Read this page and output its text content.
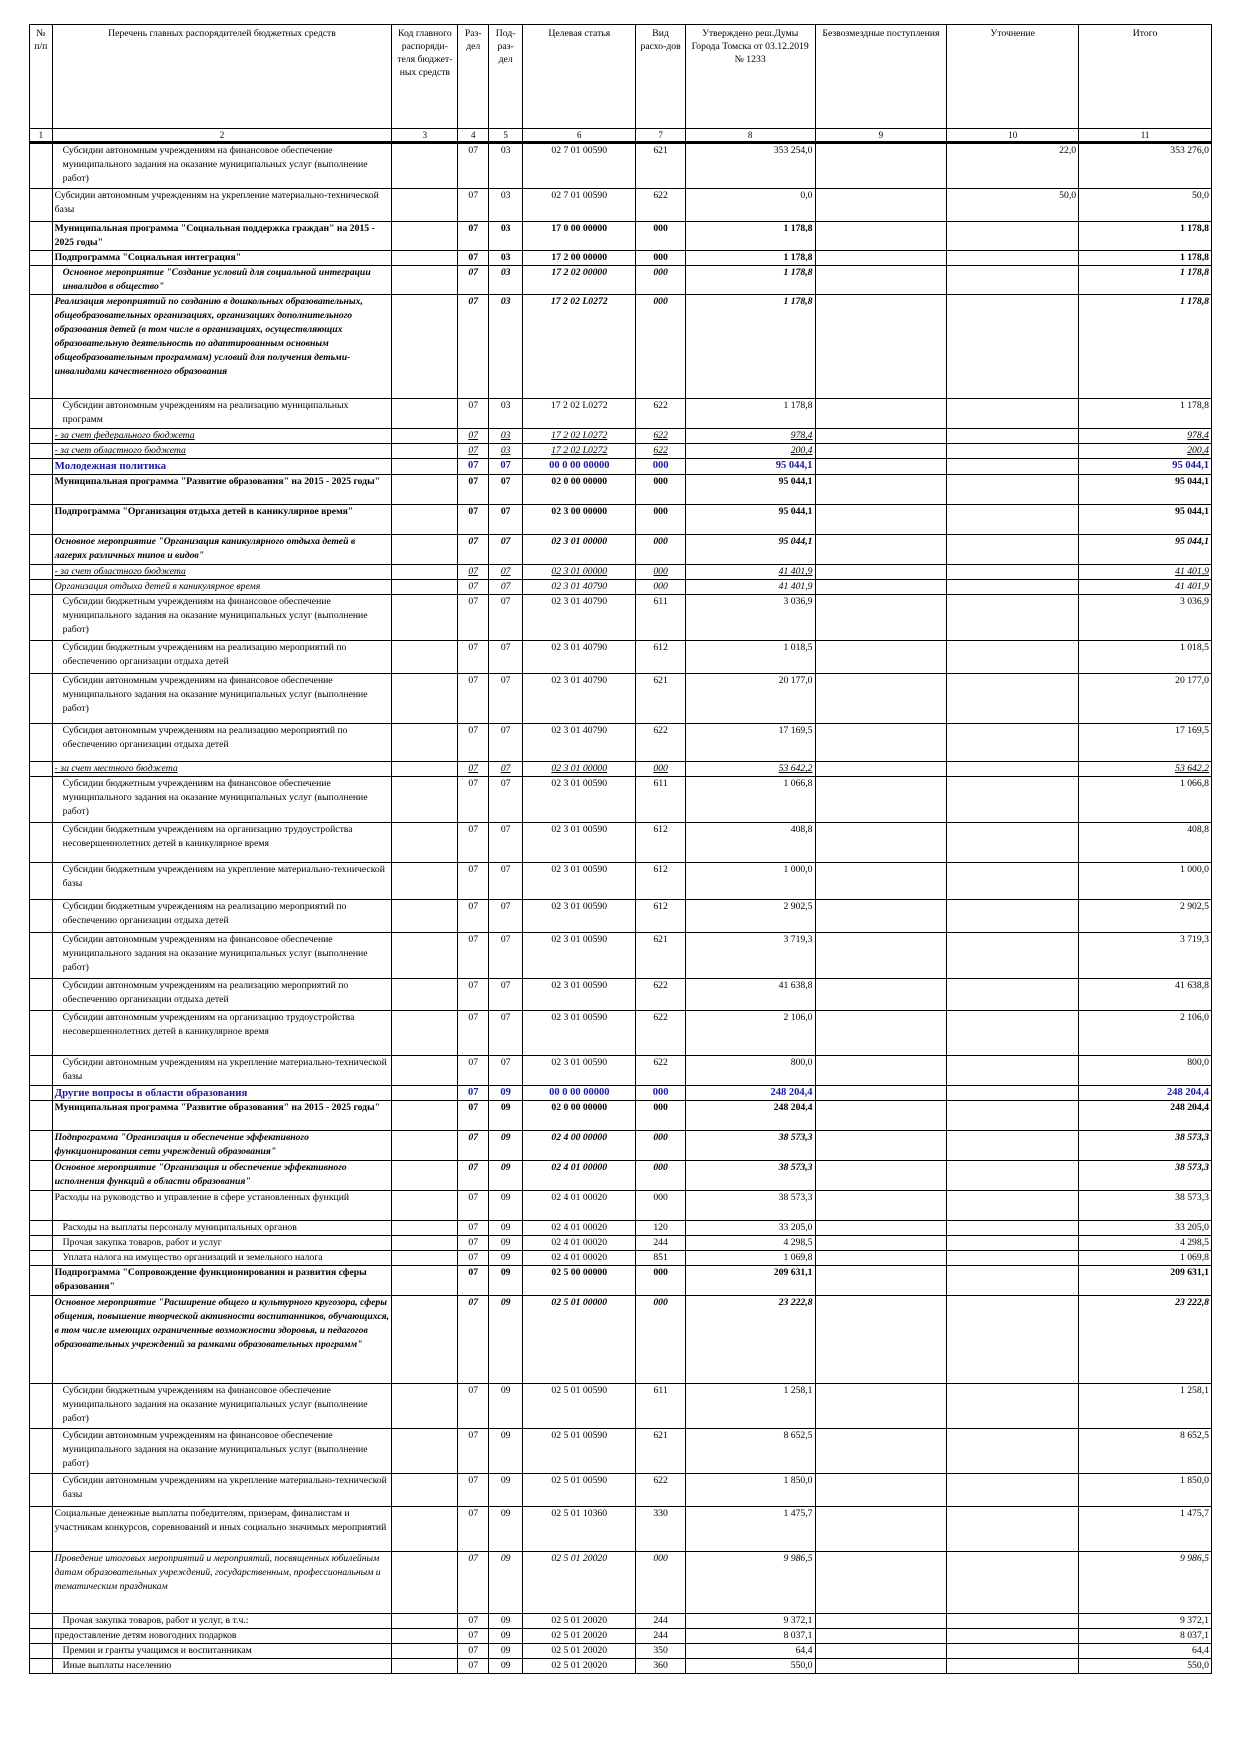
№ п/п	Перечень главных распорядителей бюджетных средств	Код главного распоряди-теля бюджет-ных средств	Раз-дел	Под-раз-дел	Целевая статья	Вид расхо-дов	Утверждено реш.Думы Города Томска от 03.12.2019 № 1233	Безвозмездные поступления	Уточнение	Итого
1	2	3	4	5	6	7	8	9	10	11
	Субсидии автономным учреждениям на финансовое обеспечение муниципального задания на оказание муниципальных услуг (выполнение работ)		07	03	02 7 01 00590	621	353 254,0		22,0	353 276,0
	Субсидии автономным учреждениям на укрепление материально-технической базы		07	03	02 7 01 00590	622	0,0		50,0	50,0
	Муниципальная программа "Социальная поддержка граждан" на 2015 - 2025 годы"		07	03	17 0 00 00000	000	1 178,8			1 178,8
	Подпрограмма "Социальная интеграция"		07	03	17 2 00 00000	000	1 178,8			1 178,8
	Основное мероприятие "Создание условий для социальной интеграции инвалидов в общество"		07	03	17 2 02 00000	000	1 178,8			1 178,8
	Реализация мероприятий по созданию в дошкольных образовательных, общеобразовательных организациях, организациях дополнительного образования детей (в том числе в организациях, осуществляющих образовательную деятельность по адаптированным основным общеобразовательным программам) условий для получения детьми-инвалидами качественного образования		07	03	17 2 02 L0272	000	1 178,8			1 178,8
	Субсидии автономным учреждениям на реализацию муниципальных программ		07	03	17 2 02 L0272	622	1 178,8			1 178,8
	- за счет федерального бюджета		07	03	17 2 02 L0272	622	978,4			978,4
	- за счет областного бюджета		07	03	17 2 02 L0272	622	200,4			200,4
	Молодежная политика		07	07	00 0 00 00000	000	95 044,1			95 044,1
	Муниципальная программа "Развитие образования" на 2015 - 2025 годы"		07	07	02 0 00 00000	000	95 044,1			95 044,1
	Подпрограмма "Организация отдыха детей в каникулярное время"		07	07	02 3 00 00000	000	95 044,1			95 044,1
	Основное мероприятие "Организация каникулярного отдыха детей в лагерях различных типов и видов"		07	07	02 3 01 00000	000	95 044,1			95 044,1
	- за счет областного бюджета		07	07	02 3 01 00000	000	41 401,9			41 401,9
	Организация отдыха детей в каникулярное время		07	07	02 3 01 40790	000	41 401,9			41 401,9
	Субсидии бюджетным учреждениям на финансовое обеспечение муниципального задания на оказание муниципальных услуг (выполнение работ)		07	07	02 3 01 40790	611	3 036,9			3 036,9
	Субсидии бюджетным учреждениям на реализацию мероприятий по обеспечению организации отдыха детей		07	07	02 3 01 40790	612	1 018,5			1 018,5
	Субсидии автономным учреждениям на финансовое обеспечение муниципального задания на оказание муниципальных услуг (выполнение работ)		07	07	02 3 01 40790	621	20 177,0			20 177,0
	Субсидия автономным учреждениям на реализацию мероприятий по обеспечению организации отдыха детей		07	07	02 3 01 40790	622	17 169,5			17 169,5
	- за счет местного бюджета		07	07	02 3 01 00000	000	53 642,2			53 642,2
	Субсидии бюджетным учреждениям на финансовое обеспечение муниципального задания на оказание муниципальных услуг (выполнение работ)		07	07	02 3 01 00590	611	1 066,8			1 066,8
	Субсидии бюджетным учреждениям на организацию трудоустройства несовершеннолетних детей в каникулярное время		07	07	02 3 01 00590	612	408,8			408,8
	Субсидии бюджетным учреждениям на укрепление материально-технической базы		07	07	02 3 01 00590	612	1 000,0			1 000,0
	Субсидии бюджетным учреждениям на реализацию мероприятий по обеспечению организации отдыха детей		07	07	02 3 01 00590	612	2 902,5			2 902,5
	Субсидии автономным учреждениям на финансовое обеспечение муниципального задания на оказание муниципальных услуг (выполнение работ)		07	07	02 3 01 00590	621	3 719,3			3 719,3
	Субсидии автономным учреждениям на реализацию мероприятий по обеспечению организации отдыха детей		07	07	02 3 01 00590	622	41 638,8			41 638,8
	Субсидии автономным учреждениям на организацию трудоустройства несовершеннолетних детей в каникулярное время		07	07	02 3 01 00590	622	2 106,0			2 106,0
	Субсидии автономным учреждениям на укрепление материально-технической базы		07	07	02 3 01 00590	622	800,0			800,0
	Другие вопросы в области образования		07	09	00 0 00 00000	000	248 204,4			248 204,4
	Муниципальная программа "Развитие образования" на 2015 - 2025 годы"		07	09	02 0 00 00000	000	248 204,4			248 204,4
	Подпрограмма "Организация и обеспечение эффективного функционирования сети учреждений образования"		07	09	02 4 00 00000	000	38 573,3			38 573,3
	Основное мероприятие "Организация и обеспечение эффективного исполнения функций в области образования"		07	09	02 4 01 00000	000	38 573,3			38 573,3
	Расходы на руководство и управление в сфере установленных функций		07	09	02 4 01 00020	000	38 573,3			38 573,3
	Расходы на выплаты персоналу муниципальных органов		07	09	02 4 01 00020	120	33 205,0			33 205,0
	Прочая закупка товаров, работ и услуг		07	09	02 4 01 00020	244	4 298,5			4 298,5
	Уплата налога на имущество организаций и земельного налога		07	09	02 4 01 00020	851	1 069,8			1 069,8
	Подпрограмма "Сопровождение функционирования и развития сферы образования"		07	09	02 5 00 00000	000	209 631,1			209 631,1
	Основное мероприятие "Расширение общего и культурного кругозора, сферы общения, повышение творческой активности воспитанников, обучающихся, в том числе имеющих ограниченные возможности здоровья, и педагогов образовательных учреждений за рамками образовательных программ"		07	09	02 5 01 00000	000	23 222,8			23 222,8
	Субсидии бюджетным учреждениям на финансовое обеспечение муниципального задания на оказание муниципальных услуг (выполнение работ)		07	09	02 5 01 00590	611	1 258,1			1 258,1
	Субсидии автономным учреждениям на финансовое обеспечение муниципального задания на оказание муниципальных услуг (выполнение работ)		07	09	02 5 01 00590	621	8 652,5			8 652,5
	Субсидии автономным учреждениям на укрепление материально-технической базы		07	09	02 5 01 00590	622	1 850,0			1 850,0
	Социальные денежные выплаты победителям, призерам, финалистам и участникам конкурсов, соревнований и иных социально значимых мероприятий		07	09	02 5 01 10360	330	1 475,7			1 475,7
	Проведение итоговых мероприятий и мероприятий, посвященных юбилейным датам образовательных учреждений, государственным, профессиональным и тематическим праздникам		07	09	02 5 01 20020	000	9 986,5			9 986,5
	Прочая закупка товаров, работ и услуг, в т.ч.:		07	09	02 5 01 20020	244	9 372,1			9 372,1
	предоставление детям новогодних подарков		07	09	02 5 01 20020	244	8 037,1			8 037,1
	Премии и гранты учащимся и воспитанникам		07	09	02 5 01 20020	350	64,4			64,4
	Иные выплаты населению		07	09	02 5 01 20020	360	550,0			550,0
